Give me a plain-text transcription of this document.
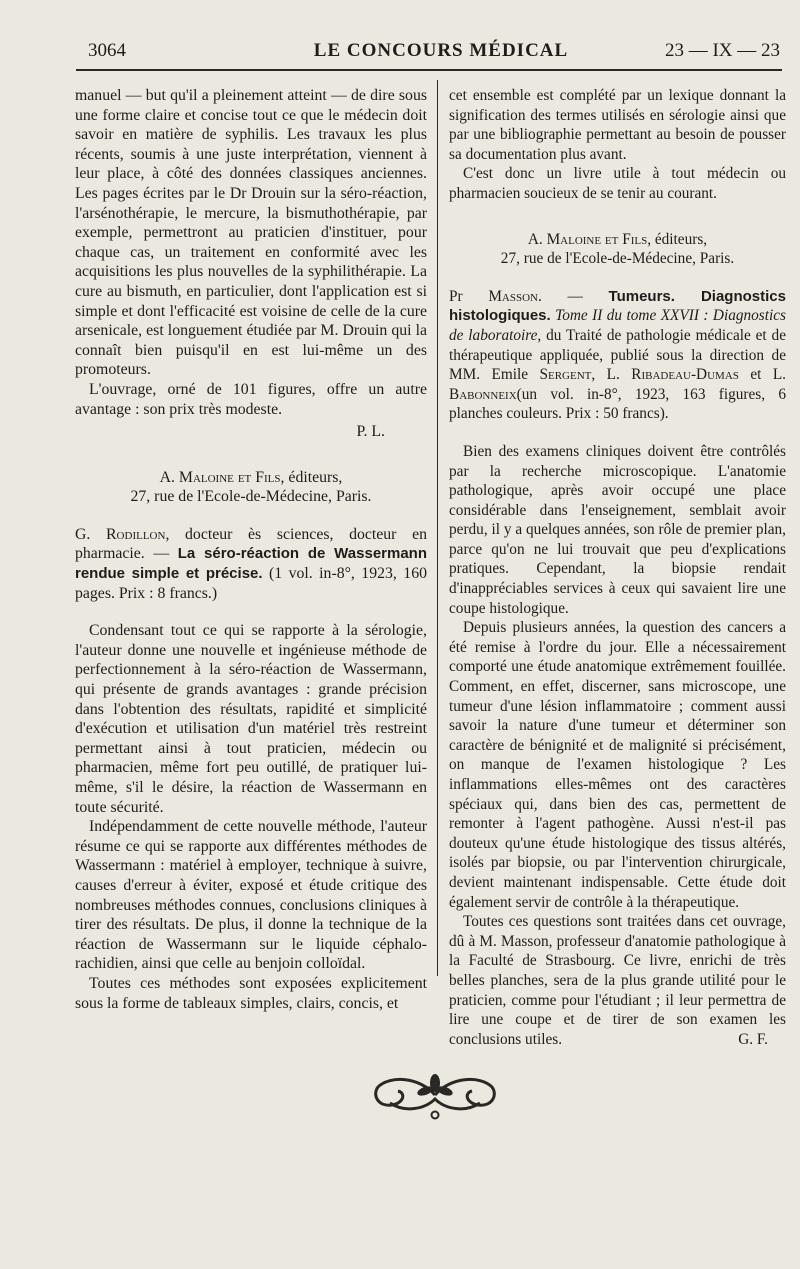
3064	LE CONCOURS MÉDICAL	23 — IX — 23

manuel — but qu'il a pleinement atteint — de dire sous une forme claire et concise tout ce que le médecin doit savoir en matière de syphilis. Les travaux les plus récents, soumis à une juste interprétation, viennent à leur place, à côté des données classiques anciennes. Les pages écrites par le Dr Drouin sur la séro-réaction, l'arsénothérapie, le mercure, la bismuthothérapie, par exemple, permettront au praticien d'instituer, pour chaque cas, un traitement en conformité avec les acquisitions les plus nouvelles de la syphilithérapie. La cure au bismuth, en particulier, dont l'application est si simple et dont l'efficacité est voisine de celle de la cure arsenicale, est longuement étudiée par M. Drouin qui la connaît bien puisqu'il en est lui-même un des promoteurs.

L'ouvrage, orné de 101 figures, offre un autre avantage : son prix très modeste.

P. L.

A. Maloine et Fils, éditeurs,

27, rue de l'Ecole-de-Médecine, Paris.

G. Rodillon, docteur ès sciences, docteur en pharmacie. — La séro-réaction de Wassermann rendue simple et précise. (1 vol. in-8°, 1923, 160 pages. Prix : 8 francs.)

Condensant tout ce qui se rapporte à la sérologie, l'auteur donne une nouvelle et ingénieuse méthode de perfectionnement à la séro-réaction de Wassermann, qui présente de grands avantages : grande précision dans l'obtention des résultats, rapidité et simplicité d'exécution et utilisation d'un matériel très restreint permettant ainsi à tout praticien, médecin ou pharmacien, même fort peu outillé, de pratiquer lui-même, s'il le désire, la réaction de Wassermann en toute sécurité.

Indépendamment de cette nouvelle méthode, l'auteur résume ce qui se rapporte aux différentes méthodes de Wassermann : matériel à employer, technique à suivre, causes d'erreur à éviter, exposé et étude critique des nombreuses méthodes connues, conclusions cliniques à tirer des résultats. De plus, il donne la technique de la réaction de Wassermann sur le liquide céphalo-rachidien, ainsi que celle au benjoin colloïdal.

Toutes ces méthodes sont exposées explicitement sous la forme de tableaux simples, clairs, concis, et

cet ensemble est complété par un lexique donnant la signification des termes utilisés en sérologie ainsi que par une bibliographie permettant au besoin de pousser sa documentation plus avant.

C'est donc un livre utile à tout médecin ou pharmacien soucieux de se tenir au courant.

A. Maloine et Fils, éditeurs,

27, rue de l'Ecole-de-Médecine, Paris.

Pr Masson. — Tumeurs. Diagnostics histologiques. Tome II du tome XXVII : Diagnostics de laboratoire, du Traité de pathologie médicale et de thérapeutique appliquée, publié sous la direction de MM. Emile Sergent, L. Ribadeau-Dumas et L. Babonneix(un vol. in-8°, 1923, 163 figures, 6 planches couleurs. Prix : 50 francs).

Bien des examens cliniques doivent être contrôlés par la recherche microscopique. L'anatomie pathologique, après avoir occupé une place considérable dans l'enseignement, semblait avoir perdu, il y a quelques années, son rôle de premier plan, parce qu'on ne lui trouvait que peu d'explications pratiques. Cependant, la biopsie rendait d'inappréciables services à ceux qui savaient lire une coupe histologique.

Depuis plusieurs années, la question des cancers a été remise à l'ordre du jour. Elle a nécessairement comporté une étude anatomique extrêmement fouillée. Comment, en effet, discerner, sans microscope, une tumeur d'une lésion inflammatoire ; comment aussi savoir la nature d'une tumeur et déterminer son caractère de bénignité et de malignité si précisément, on manque de l'examen histologique ? Les inflammations elles-mêmes ont des caractères spéciaux qui, dans bien des cas, permettent de remonter à l'agent pathogène. Aussi n'est-il pas douteux qu'une étude histologique des tissus altérés, isolés par biopsie, ou par l'intervention chirurgicale, devient maintenant indispensable. Cette étude doit également servir de contrôle à la thérapeutique.

Toutes ces questions sont traitées dans cet ouvrage, dû à M. Masson, professeur d'anatomie pathologique à la Faculté de Strasbourg. Ce livre, enrichi de très belles planches, sera de la plus grande utilité pour le praticien, comme pour l'étudiant ; il leur permettra de lire une coupe et de tirer de son examen les conclusions utiles.	G. F.
